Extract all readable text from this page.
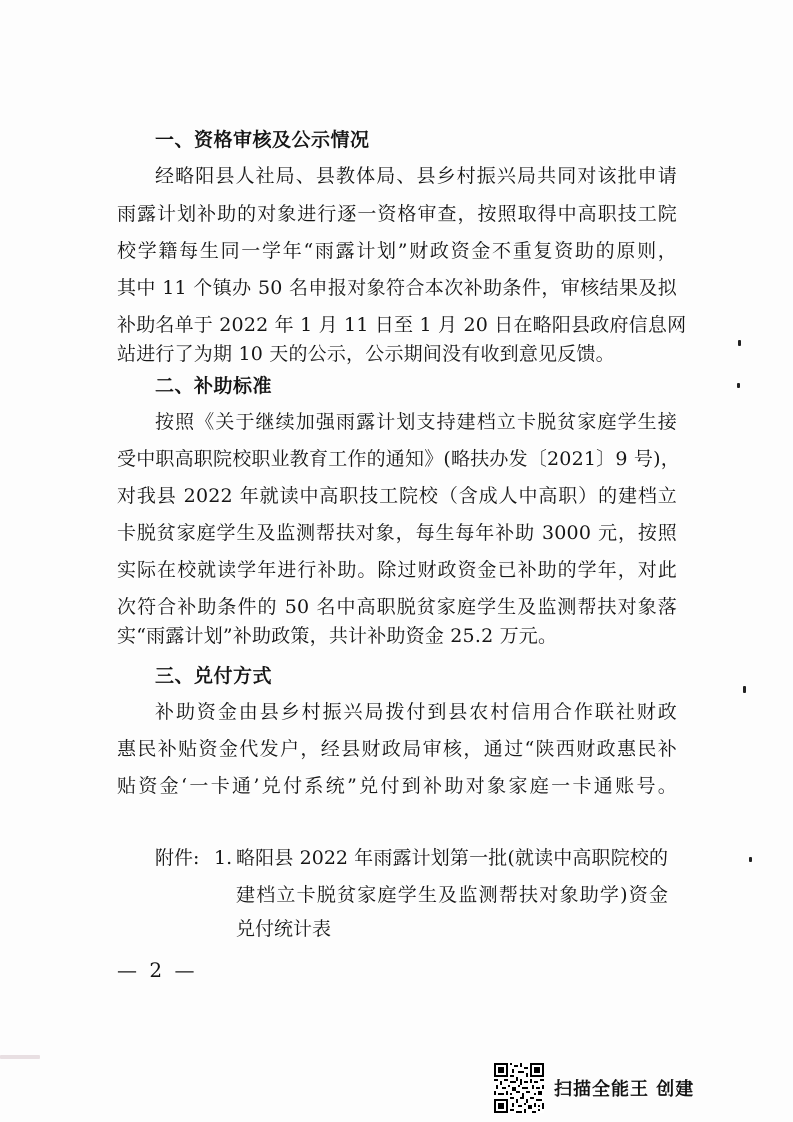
一、资格审核及公示情况
经略阳县人社局、县教体局、县乡村振兴局共同对该批申请
雨露计划补助的对象进行逐一资格审查，按照取得中高职技工院
校学籍每生同一学年“雨露计划”财政资金不重复资助的原则，
其中 11 个镇办 50 名申报对象符合本次补助条件，审核结果及拟
补助名单于 2022 年 1 月 11 日至 1 月 20 日在略阳县政府信息网
站进行了为期 10 天的公示，公示期间没有收到意见反馈。
二、补助标准
按照《关于继续加强雨露计划支持建档立卡脱贫家庭学生接
受中职高职院校职业教育工作的通知》(略扶办发〔2021〕9 号)，
对我县 2022 年就读中高职技工院校（含成人中高职）的建档立
卡脱贫家庭学生及监测帮扶对象，每生每年补助 3000 元，按照
实际在校就读学年进行补助。除过财政资金已补助的学年，对此
次符合补助条件的 50 名中高职脱贫家庭学生及监测帮扶对象落
实“雨露计划”补助政策，共计补助资金 25.2 万元。
三、兑付方式
补助资金由县乡村振兴局拨付到县农村信用合作联社财政
惠民补贴资金代发户，经县财政局审核，通过“陕西财政惠民补
贴资金‘一卡通’兑付系统”兑付到补助对象家庭一卡通账号。
附件: 1. 略阳县 2022 年雨露计划第一批(就读中高职院校的
建档立卡脱贫家庭学生及监测帮扶对象助学)资金
兑付统计表
— 2 —
扫描全能王 创建
